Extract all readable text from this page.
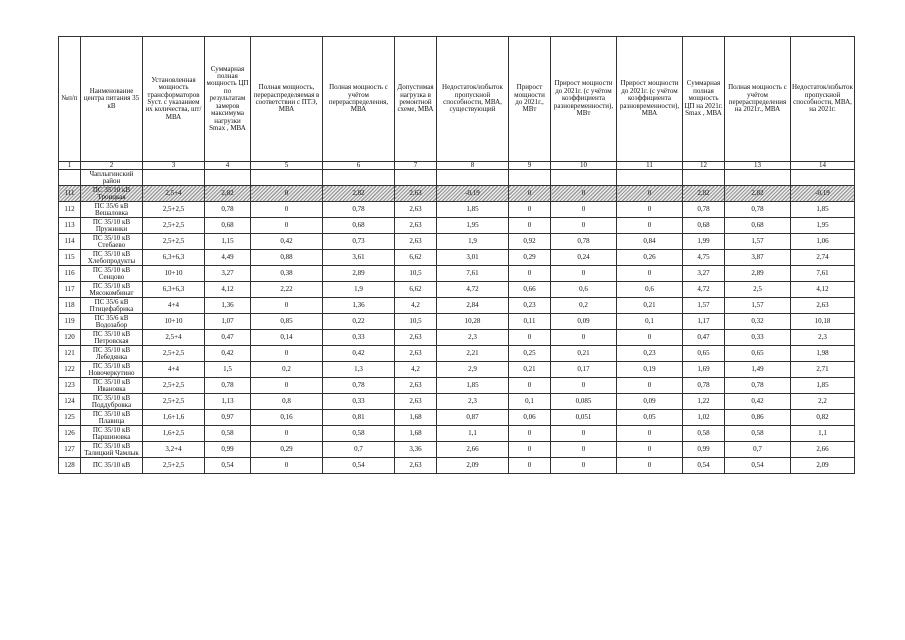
№п/п	Наименование центра питания 35 кВ	Установленная мощность трансформаторов Sуст. с указанием их количества, шт/ МВА	Суммарная полная мощность ЦП по результатам замеров максимума нагрузки Smax , МВА	Полная мощность, перераспределяемая в соответствии с ПТЭ, МВА	Полная мощность с учётом перераспределения, МВА	Допустимая нагрузка в ремонтной схеме, МВА	Недостаток/избыток пропускной способности, МВА, существующий	Прирост мощности до 2021г., МВт	Прирост мощности до 2021г. (с учётом коэффициента разновременности), МВт	Прирост мощности до 2021г. (с учётом коэффициента разновременности), МВА	Суммарная полная мощность ЦП на 2021г. Smax , МВА	Полная мощность с учётом перераспределения на 2021г., МВА	Недостаток/избыток пропускной способности, МВА, на 2021г.
1	2	3	4	5	6	7	8	9	10	11	12	13	14
	Чаплыгинский район												
111	ПС 35/10 кВ Троицкая	2,5+4	2,82	0	2,82	2,63	-0,19	0	0	0	2,82	2,82	-0,19
112	ПС 35/6 кВ Вешаловка	2,5+2,5	0,78	0	0,78	2,63	1,85	0	0	0	0,78	0,78	1,85
113	ПС 35/10 кВ Пружинки	2,5+2,5	0,68	0	0,68	2,63	1,95	0	0	0	0,68	0,68	1,95
114	ПС 35/10 кВ Стебаево	2,5+2,5	1,15	0,42	0,73	2,63	1,9	0,92	0,78	0,84	1,99	1,57	1,06
115	ПС 35/10 кВ Хлебопродукты	6,3+6,3	4,49	0,88	3,61	6,62	3,01	0,29	0,24	0,26	4,75	3,87	2,74
116	ПС 35/10 кВ Сенцово	10+10	3,27	0,38	2,89	10,5	7,61	0	0	0	3,27	2,89	7,61
117	ПС 35/10 кВ Мясокомбинат	6,3+6,3	4,12	2,22	1,9	6,62	4,72	0,66	0,6	0,6	4,72	2,5	4,12
118	ПС 35/6 кВ Птицефабрика	4+4	1,36	0	1,36	4,2	2,84	0,23	0,2	0,21	1,57	1,57	2,63
119	ПС 35/6 кВ Водозабор	10+10	1,07	0,85	0,22	10,5	10,28	0,11	0,09	0,1	1,17	0,32	10,18
120	ПС 35/10 кВ Петровская	2,5+4	0,47	0,14	0,33	2,63	2,3	0	0	0	0,47	0,33	2,3
121	ПС 35/10 кВ Лебедянка	2,5+2,5	0,42	0	0,42	2,63	2,21	0,25	0,21	0,23	0,65	0,65	1,98
122	ПС 35/10 кВ Новочеркутино	4+4	1,5	0,2	1,3	4,2	2,9	0,21	0,17	0,19	1,69	1,49	2,71
123	ПС 35/10 кВ Ивановка	2,5+2,5	0,78	0	0,78	2,63	1,85	0	0	0	0,78	0,78	1,85
124	ПС 35/10 кВ Поддубровка	2,5+2,5	1,13	0,8	0,33	2,63	2,3	0,1	0,085	0,09	1,22	0,42	2,2
125	ПС 35/10 кВ Плавица	1,6+1,6	0,97	0,16	0,81	1,68	0,87	0,06	0,051	0,05	1,02	0,86	0,82
126	ПС 35/10 кВ Паршиновка	1,6+2,5	0,58	0	0,58	1,68	1,1	0	0	0	0,58	0,58	1,1
127	ПС 35/10 кВ Талицкий Чамлык	3,2+4	0,99	0,29	0,7	3,36	2,66	0	0	0	0,99	0,7	2,66
128	ПС 35/10 кВ	2,5+2,5	0,54	0	0,54	2,63	2,09	0	0	0	0,54	0,54	2,09
